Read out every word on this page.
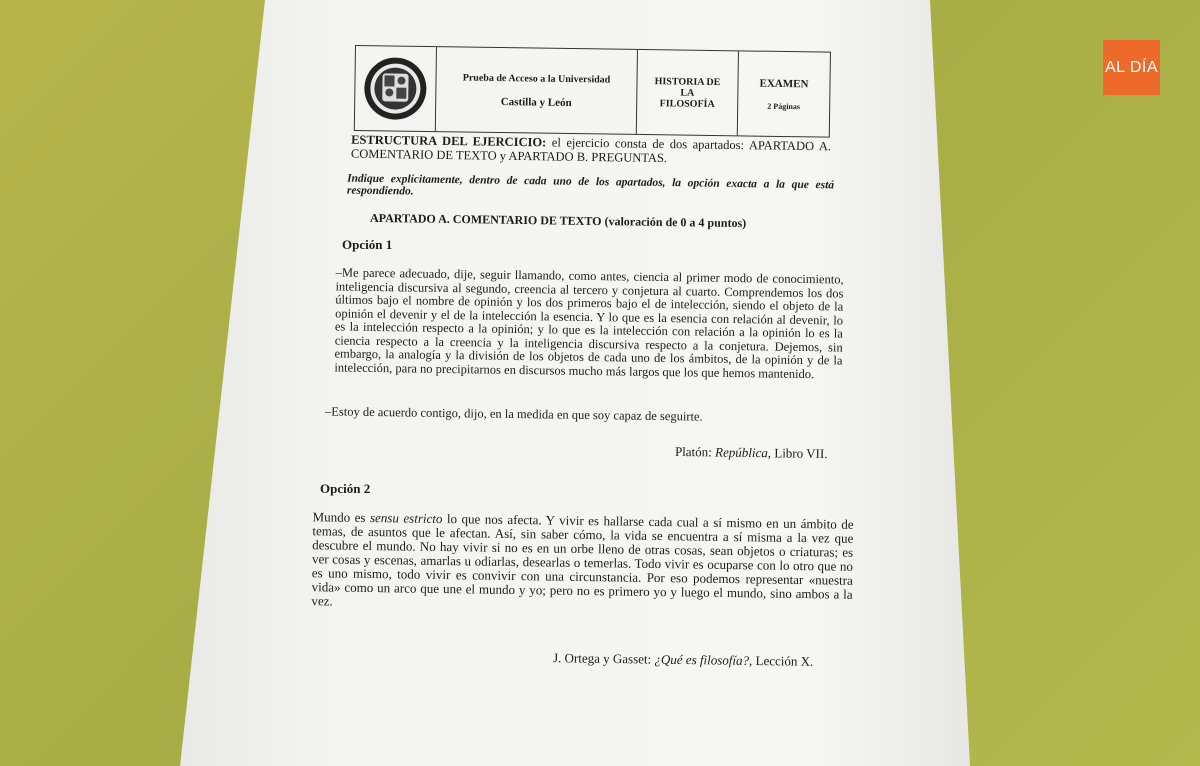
AL DÍA
Prueba de Acceso a la Universidad
Castilla y León
HISTORIA DE
LA
FILOSOFÍA
EXAMEN
2 Páginas
ESTRUCTURA DEL EJERCICIO: el ejercicio consta de dos apartados: APARTADO A. COMENTARIO DE TEXTO y APARTADO B. PREGUNTAS.
Indique explícitamente, dentro de cada uno de los apartados, la opción exacta a la que está respondiendo.
APARTADO A. COMENTARIO DE TEXTO (valoración de 0 a 4 puntos)
Opción 1
–Me parece adecuado, dije, seguir llamando, como antes, ciencia al primer modo de conocimiento, inteligencia discursiva al segundo, creencia al tercero y conjetura al cuarto. Comprendemos los dos últimos bajo el nombre de opinión y los dos primeros bajo el de intelección, siendo el objeto de la opinión el devenir y el de la intelección la esencia. Y lo que es la esencia con relación al devenir, lo es la intelección respecto a la opinión; y lo que es la intelección con relación a la opinión lo es la ciencia respecto a la creencia y la inteligencia discursiva respecto a la conjetura. Dejemos, sin embargo, la analogía y la división de los objetos de cada uno de los ámbitos, de la opinión y de la intelección, para no precipitarnos en discursos mucho más largos que los que hemos mantenido.
–Estoy de acuerdo contigo, dijo, en la medida en que soy capaz de seguirte.
Platón: República, Libro VII.
Opción 2
Mundo es sensu estricto lo que nos afecta. Y vivir es hallarse cada cual a sí mismo en un ámbito de temas, de asuntos que le afectan. Así, sin saber cómo, la vida se encuentra a sí misma a la vez que descubre el mundo. No hay vivir si no es en un orbe lleno de otras cosas, sean objetos o criaturas; es ver cosas y escenas, amarlas u odiarlas, desearlas o temerlas. Todo vivir es ocuparse con lo otro que no es uno mismo, todo vivir es convivir con una circunstancia. Por eso podemos representar «nuestra vida» como un arco que une el mundo y yo; pero no es primero yo y luego el mundo, sino ambos a la vez.
J. Ortega y Gasset: ¿Qué es filosofía?, Lección X.
